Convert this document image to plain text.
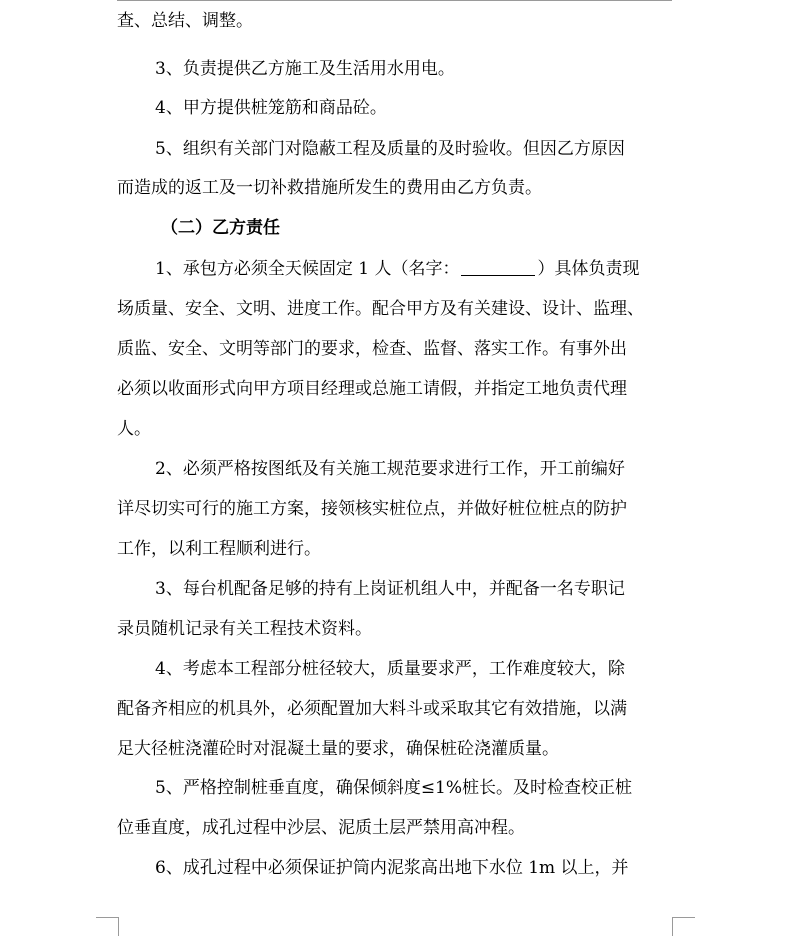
查、总结、调整。
3、负责提供乙方施工及生活用水用电。
4、甲方提供桩笼筋和商品砼。
5、组织有关部门对隐蔽工程及质量的及时验收。但因乙方原因
而造成的返工及一切补救措施所发生的费用由乙方负责。
（二）乙方责任
1、承包方必须全天候固定 1 人（名字：	）具体负责现
场质量、安全、文明、进度工作。配合甲方及有关建设、设计、监理、
质监、安全、文明等部门的要求，检查、监督、落实工作。有事外出
必须以收面形式向甲方项目经理或总施工请假，并指定工地负责代理
人。
2、必须严格按图纸及有关施工规范要求进行工作，开工前编好
详尽切实可行的施工方案，接领核实桩位点，并做好桩位桩点的防护
工作，以利工程顺利进行。
3、每台机配备足够的持有上岗证机组人中，并配备一名专职记
录员随机记录有关工程技术资料。
4、考虑本工程部分桩径较大，质量要求严，工作难度较大，除
配备齐相应的机具外，必须配置加大料斗或采取其它有效措施，以满
足大径桩浇灌砼时对混凝土量的要求，确保桩砼浇灌质量。
5、严格控制桩垂直度，确保倾斜度≤1%桩长。及时检查校正桩
位垂直度，成孔过程中沙层、泥质土层严禁用高冲程。
6、成孔过程中必须保证护筒内泥浆高出地下水位 1m 以上，并
